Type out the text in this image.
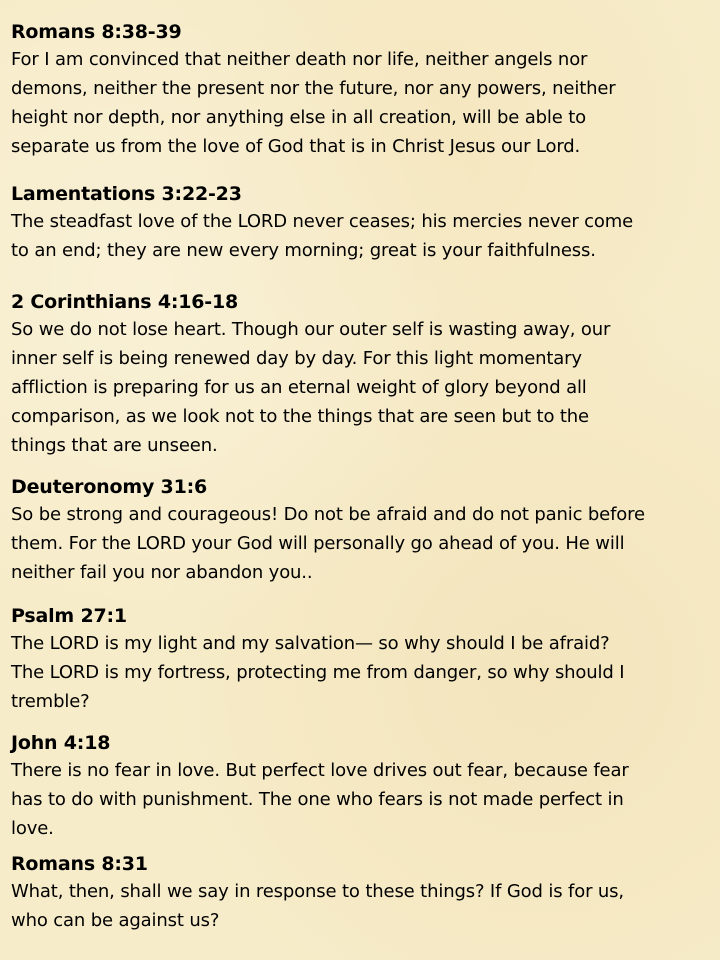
Romans 8:38-39
For I am convinced that neither death nor life, neither angels nor
demons, neither the present nor the future, nor any powers, neither
height nor depth, nor anything else in all creation, will be able to
separate us from the love of God that is in Christ Jesus our Lord.
Lamentations 3:22-23
The steadfast love of the LORD never ceases; his mercies never come
to an end; they are new every morning; great is your faithfulness.
2 Corinthians 4:16-18
So we do not lose heart. Though our outer self is wasting away, our
inner self is being renewed day by day. For this light momentary
affliction is preparing for us an eternal weight of glory beyond all
comparison, as we look not to the things that are seen but to the
things that are unseen.
Deuteronomy 31:6
So be strong and courageous! Do not be afraid and do not panic before
them. For the LORD your God will personally go ahead of you. He will
neither fail you nor abandon you..
Psalm 27:1
The LORD is my light and my salvation— so why should I be afraid?
The LORD is my fortress, protecting me from danger, so why should I
tremble?
John 4:18
There is no fear in love. But perfect love drives out fear, because fear
has to do with punishment. The one who fears is not made perfect in
love.
Romans 8:31
What, then, shall we say in response to these things? If God is for us,
who can be against us?
